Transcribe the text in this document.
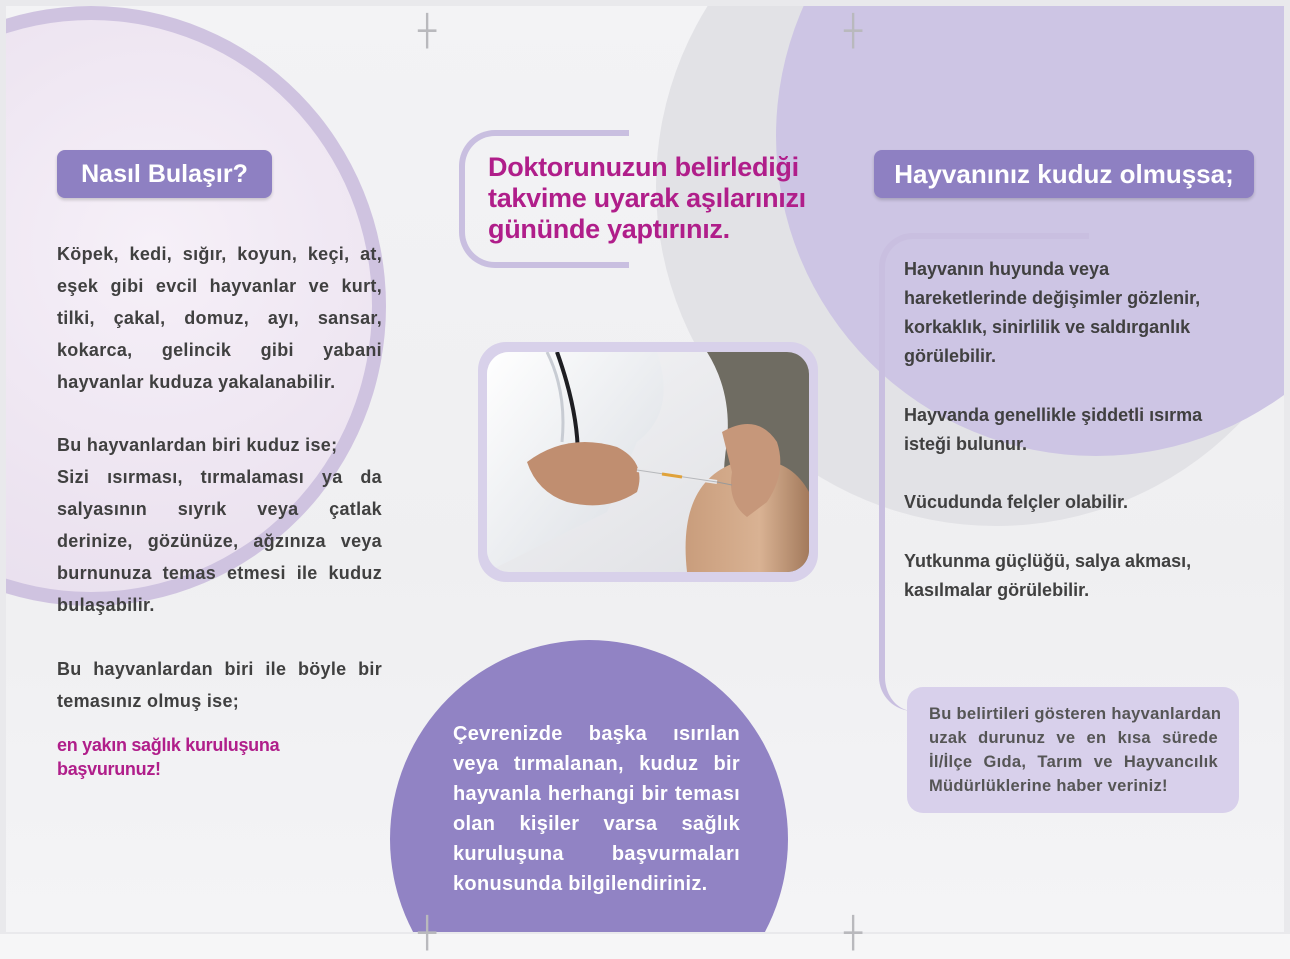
┼	┼
┼	┼
Nasıl Bulaşır?
Köpek, kedi, sığır, koyun, keçi, at,
eşek gibi evcil hayvanlar ve kurt,
tilki, çakal, domuz, ayı, sansar,
kokarca, gelincik gibi yabani
hayvanlar kuduza yakalanabilir.
Bu hayvanlardan biri kuduz ise;
Sizi ısırması, tırmalaması ya da
salyasının sıyrık veya çatlak
derinize, gözünüze, ağzınıza veya
burnunuza temas etmesi ile kuduz
bulaşabilir.
Bu hayvanlardan biri ile böyle bir
temasınız olmuş ise;
en yakın sağlık kuruluşuna
başvurunuz!
Doktorunuzun belirlediği
takvime uyarak aşılarınızı
gününde yaptırınız.
Çevrenizde başka ısırılan
veya tırmalanan, kuduz bir
hayvanla herhangi bir teması
olan kişiler varsa sağlık
kuruluşuna başvurmaları
konusunda bilgilendiriniz.
Hayvanınız kuduz olmuşsa;
Hayvanın huyunda veya
hareketlerinde değişimler gözlenir,
korkaklık, sinirlilik ve saldırganlık
görülebilir.
Hayvanda genellikle şiddetli ısırma
isteği bulunur.
Vücudunda felçler olabilir.
Yutkunma güçlüğü, salya akması,
kasılmalar görülebilir.
Bu belirtileri gösteren hayvanlardan
uzak durunuz ve en kısa sürede
İl/İlçe Gıda, Tarım ve Hayvancılık
Müdürlüklerine haber veriniz!
